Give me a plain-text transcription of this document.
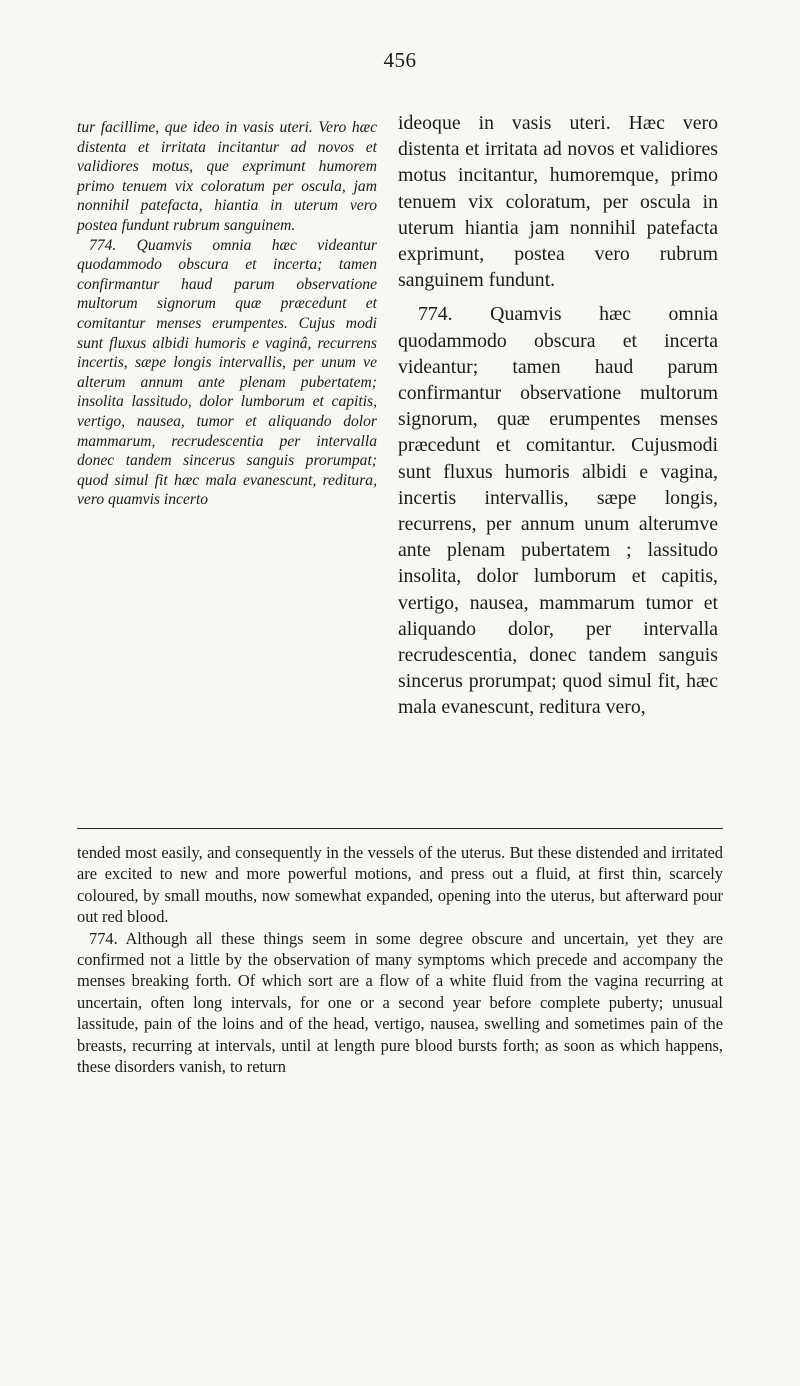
456

tur facillime, que ideo in vasis uteri. Vero hæc distenta et irritata incitantur ad novos et validiores motus, que exprimunt humorem primo tenuem vix coloratum per oscula, jam nonnihil patefacta, hiantia in uterum vero postea fundunt rubrum sanguinem.

774. Quamvis omnia hæc videantur quodammodo obscura et incerta; tamen confirmantur haud parum observatione multorum signorum quæ præcedunt et comitantur menses erumpentes. Cujus modi sunt fluxus albidi humoris e vaginâ, recurrens incertis, sæpe longis intervallis, per unum ve alterum annum ante plenam pubertatem; insolita lassitudo, dolor lumborum et capitis, vertigo, nausea, tumor et aliquando dolor mammarum, recrudescentia per intervalla donec tandem sincerus sanguis prorumpat; quod simul fit hæc mala evanescunt, reditura, vero quamvis incerto

ideoque in vasis uteri. Hæc vero distenta et irritata ad novos et validiores motus incitantur, humoremque, primo tenuem vix coloratum, per oscula in uterum hiantia jam nonnihil patefacta exprimunt, postea vero rubrum sanguinem fundunt.

774. Quamvis hæc omnia quodammodo obscura et incerta videantur; tamen haud parum confirmantur observatione multorum signorum, quæ erumpentes menses præcedunt et comitantur. Cujusmodi sunt fluxus humoris albidi e vagina, incertis intervallis, sæpe longis, recurrens, per annum unum alterumve ante plenam pubertatem ; lassitudo insolita, dolor lumborum et capitis, vertigo, nausea, mammarum tumor et aliquando dolor, per intervalla recrudescentia, donec tandem sanguis sincerus prorumpat; quod simul fit, hæc mala evanescunt, reditura vero,

tended most easily, and consequently in the vessels of the uterus. But these distended and irritated are excited to new and more powerful motions, and press out a fluid, at first thin, scarcely coloured, by small mouths, now somewhat expanded, opening into the uterus, but afterward pour out red blood.

774. Although all these things seem in some degree obscure and uncertain, yet they are confirmed not a little by the observation of many symptoms which precede and accompany the menses breaking forth. Of which sort are a flow of a white fluid from the vagina recurring at uncertain, often long intervals, for one or a second year before complete puberty; unusual lassitude, pain of the loins and of the head, vertigo, nausea, swelling and sometimes pain of the breasts, recurring at intervals, until at length pure blood bursts forth; as soon as which happens, these disorders vanish, to return
